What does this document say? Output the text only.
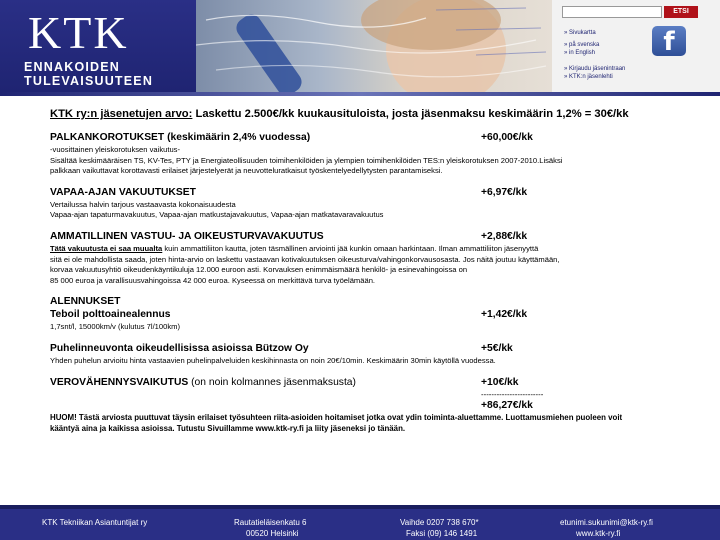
KTK
ENNAKOIDEN
TULEVAISUUTEEN
ETSI
» Sivukartta
» på svenska
» in English
» Kirjaudu jäsenintraan
» KTK:n jäsenlehti
f
KTK ry:n jäsenetujen arvo: Laskettu 2.500€/kk kuukausituloista, josta jäsenmaksu keskimäärin 1,2% = 30€/kk
PALKANKOROTUKSET (keskimäärin 2,4% vuodessa)	+60,00€/kk
-vuosittainen yleiskorotuksen vaikutus-
Sisältää keskimääräisen TS, KV-Tes, PTY ja Energiateollisuuden toimihenkilöiden ja ylempien toimihenkilöiden TES:n yleiskorotuksen 2007-2010.Lisäksi
palkkaan vaikuttavat korottavasti erilaiset järjestelyerät ja neuvotteluratkaisut työskentelyedellytysten parantamiseksi.
VAPAA-AJAN VAKUUTUKSET	+6,97€/kk
Vertailussa halvin tarjous vastaavasta kokonaisuudesta
Vapaa-ajan tapaturmavakuutus, Vapaa-ajan matkustajavakuutus, Vapaa-ajan matkatavaravakuutus
AMMATILLINEN VASTUU- JA OIKEUSTURVAVAKUUTUS	+2,88€/kk
Tätä vakuutusta ei saa muualta kuin ammattiliiton kautta, joten täsmällinen arviointi jää kunkin omaan harkintaan. Ilman ammattiliiton jäsenyyttä
sitä ei ole mahdollista saada, joten hinta-arvio on laskettu vastaavan kotivakuutuksen oikeusturva/vahingonkorvausosasta. Jos näitä joutuu käyttämään,
korvaa vakuutusyhtiö oikeudenkäyntikuluja 12.000 euroon asti. Korvauksen enimmäismäärä henkilö- ja esinevahingoissa on
85 000 euroa ja varallisuusvahingoissa 42 000 euroa. Kyseessä on merkittävä turva työelämään.
ALENNUKSET
Teboil polttoainealennus	+1,42€/kk
1,7snt/l, 15000km/v (kulutus 7l/100km)
Puhelinneuvonta oikeudellisissa asioissa Bützow Oy	+5€/kk
Yhden puhelun arvioitu hinta vastaavien puhelinpalveluiden keskihinnasta on noin 20€/10min. Keskimäärin 30min käytöllä vuodessa.
VEROVÄHENNYSVAIKUTUS (on noin kolmannes jäsenmaksusta)	+10€/kk
------------------------
+86,27€/kk
HUOM! Tästä arviosta puuttuvat täysin erilaiset työsuhteen riita-asioiden hoitamiset jotka ovat ydin toiminta-aluettamme. Luottamusmiehen puoleen voit
kääntyä aina ja kaikissa asioissa. Tutustu Sivuillamme www.ktk-ry.fi ja liity jäseneksi jo tänään.
KTK Tekniikan Asiantuntijat ry	Rautatieläisenkatu 6
00520 Helsinki
Vaihde 0207 738 670*
Faksi (09) 146 1491
etunimi.sukunimi@ktk-ry.fi
www.ktk-ry.fi
